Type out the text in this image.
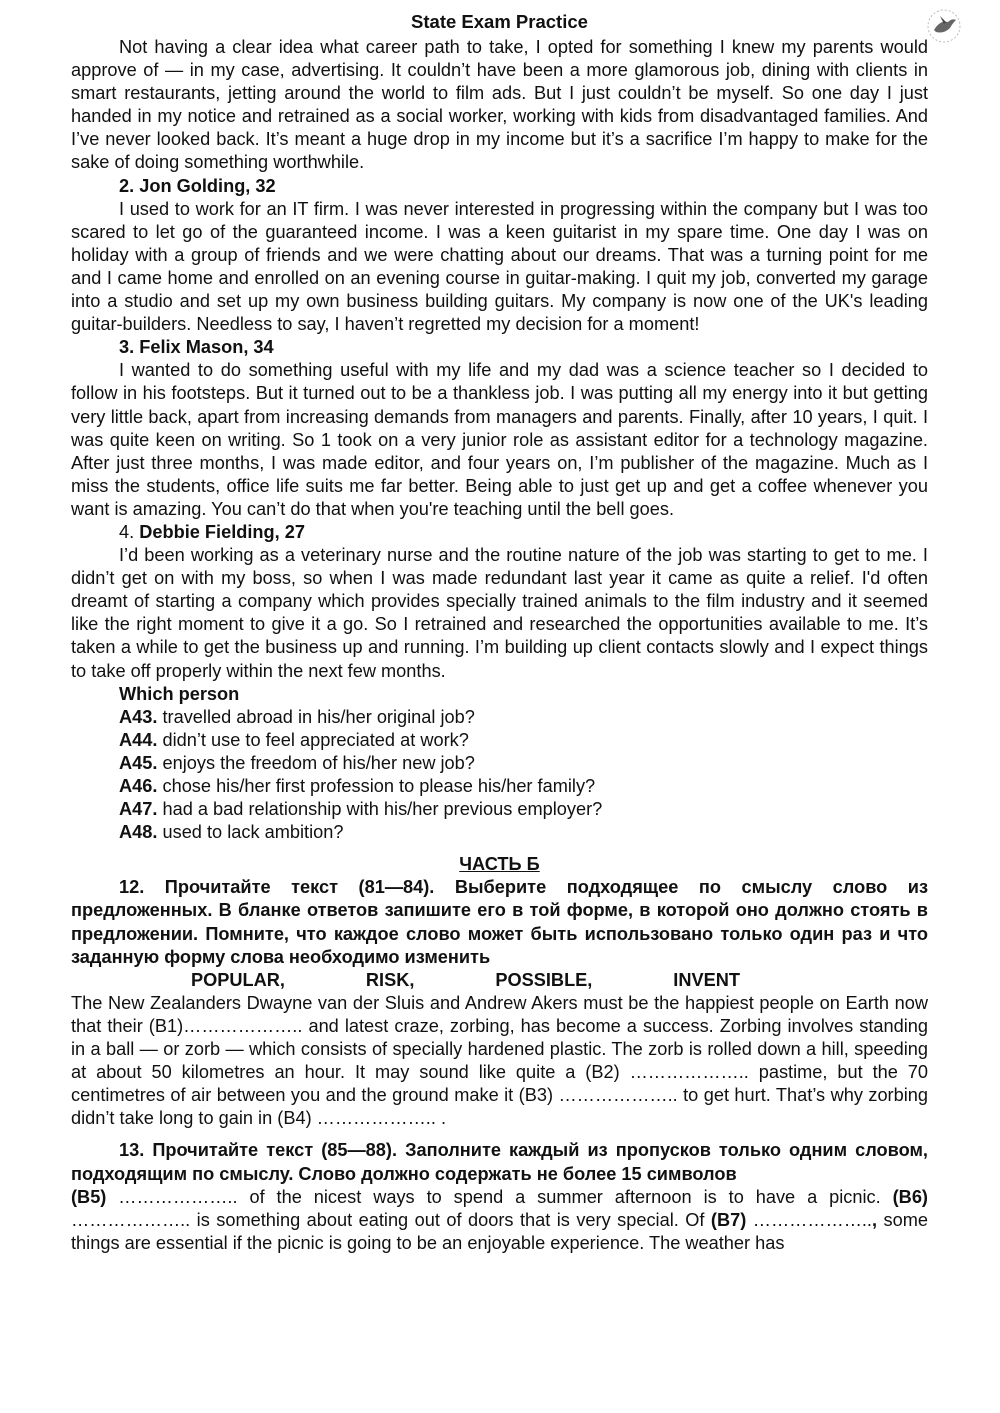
State Exam Practice

Not having a clear idea what career path to take, I opted for something I knew my parents would approve of — in my case, advertising. It couldn’t have been a more glamorous job, dining with clients in smart restaurants, jetting around the world to film ads. But I just couldn’t be myself. So one day I just handed in my notice and retrained as a social worker, working with kids from disadvantaged families. And I’ve never looked back. It’s meant a huge drop in my income but it’s a sacrifice I’m happy to make for the sake of doing something worthwhile.

2. Jon Golding, 32

I used to work for an IT firm. I was never interested in progressing within the company but I was too scared to let go of the guaranteed income. I was a keen guitarist in my spare time. One day I was on holiday with a group of friends and we were chatting about our dreams. That was a turning point for me and I came home and enrolled on an evening course in guitar-making. I quit my job, converted my garage into a studio and set up my own business building guitars. My company is now one of the UK's leading guitar-builders. Needless to say, I haven’t regretted my decision for a moment!

3. Felix Mason, 34

I wanted to do something useful with my life and my dad was a science teacher so I decided to follow in his footsteps. But it turned out to be a thankless job. I was putting all my energy into it but getting very little back, apart from increasing demands from managers and parents. Finally, after 10 years, I quit. I was quite keen on writing. So 1 took on a very junior role as assistant editor for a technology magazine. After just three months, I was made editor, and four years on, I’m publisher of the magazine. Much as I miss the students, office life suits me far better. Being able to just get up and get a coffee whenever you want is amazing. You can’t do that when you're teaching until the bell goes.

4. Debbie Fielding, 27

I’d been working as a veterinary nurse and the routine nature of the job was starting to get to me. I didn’t get on with my boss, so when I was made redundant last year it came as quite a relief. I'd often dreamt of starting a company which provides specially trained animals to the film industry and it seemed like the right moment to give it a go. So I retrained and researched the opportunities available to me. It’s taken a while to get the business up and running. I’m building up client contacts slowly and I expect things to take off properly within the next few months.

Which person
A43. travelled abroad in his/her original job?
A44. didn’t use to feel appreciated at work?
A45. enjoys the freedom of his/her new job?
A46. chose his/her first profession to please his/her family?
A47. had a bad relationship with his/her previous employer?
A48. used to lack ambition?
ЧАСТЬ Б

12. Прочитайте текст (81—84). Выберите подходящее по смыслу слово из предложенных. В бланке ответов запишите его в той форме, в которой оно должно стоять в предложении. Помните, что каждое слово может быть использовано только один раз и что заданную форму слова необходимо изменить

POPULAR,	RISK,	POSSIBLE,	INVENT

The New Zealanders Dwayne van der Sluis and Andrew Akers must be the happiest people on Earth now that their (B1)……………….. and latest craze, zorbing, has become a success. Zorbing involves standing in a ball — or zorb — which consists of specially hardened plastic. The zorb is rolled down a hill, speeding at about 50 kilometres an hour. It may sound like quite a (B2) ……………….. pastime, but the 70 centimetres of air between you and the ground make it (B3) ……………….. to get hurt. That’s why zorbing didn’t take long to gain in (B4) ……………….. .

13. Прочитайте текст (85—88). Заполните каждый из пропусков только одним словом, подходящим по смыслу. Слово должно содержать не более 15 символов

(B5) ……………….. of the nicest ways to spend a summer afternoon is to have a picnic. (B6) ……………….. is something about eating out of doors that is very special. Of (B7) ……………….., some things are essential if the picnic is going to be an enjoyable experience. The weather has
